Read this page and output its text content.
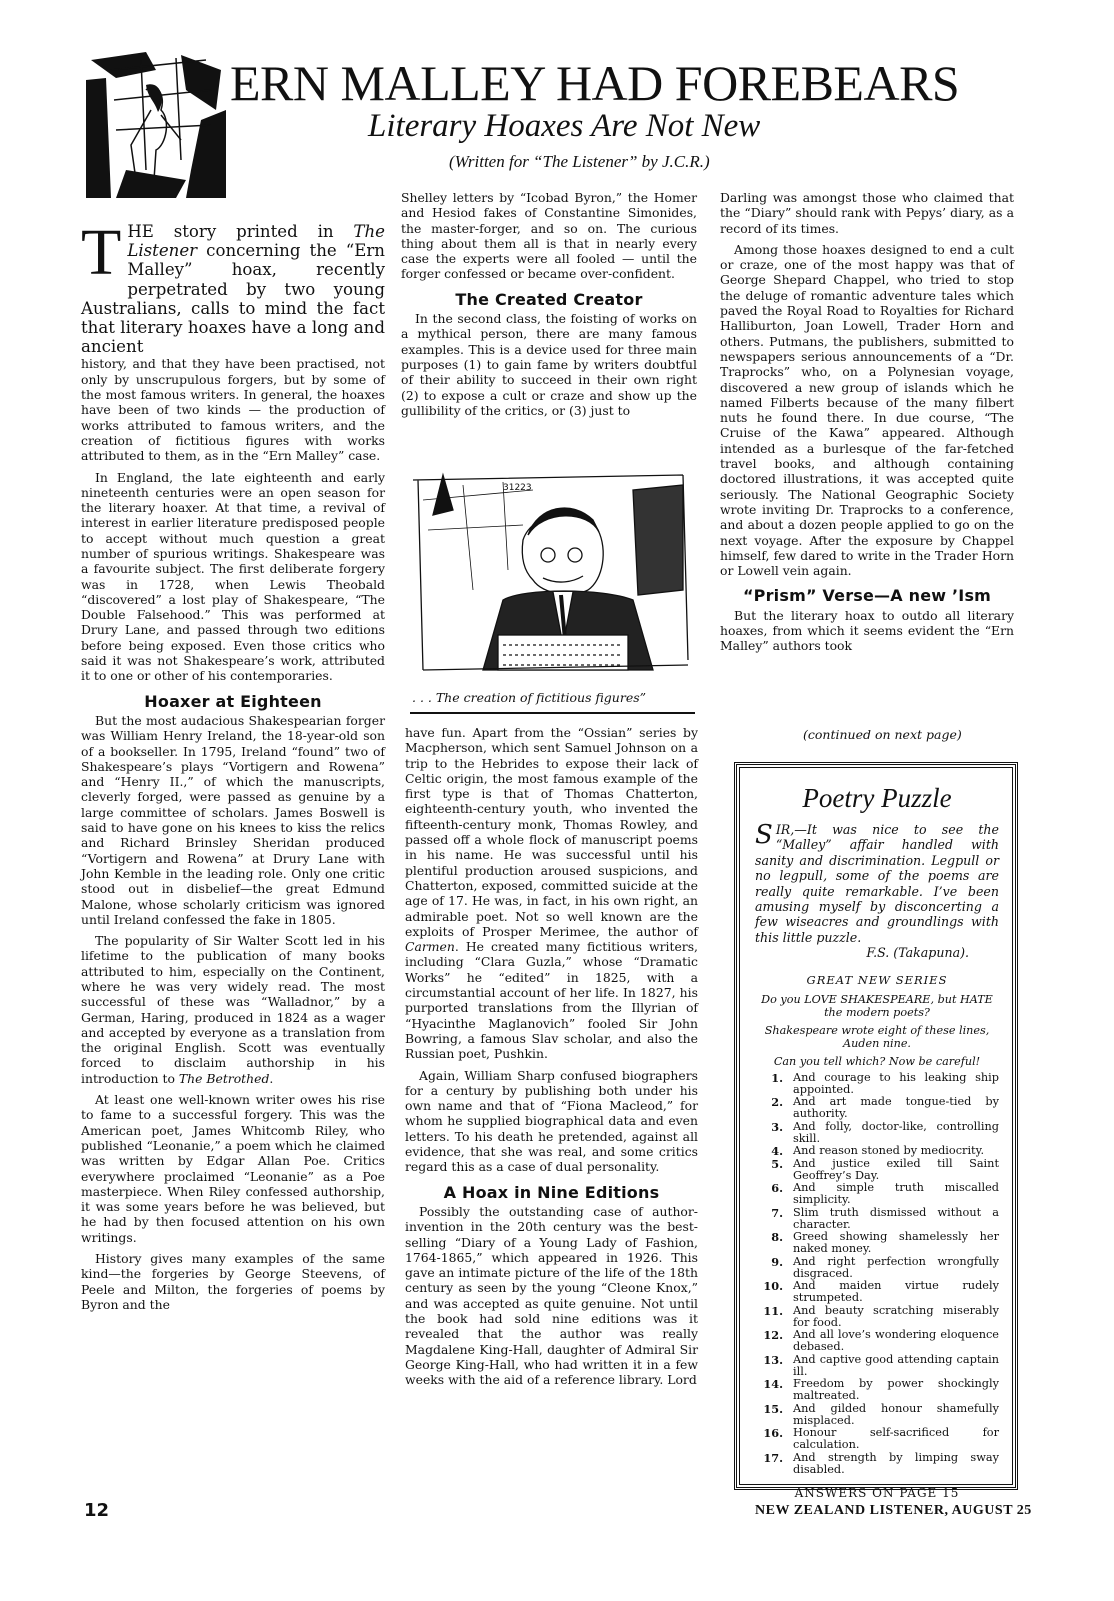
ERN MALLEY HAD FOREBEARS
Literary Hoaxes Are Not New
(Written for “The Listener” by J.C.R.)
THE story printed in The Listener concerning the “Ern Malley” hoax, recently perpetrated by two young Australians, calls to mind the fact that literary hoaxes have a long and ancient

history, and that they have been practised, not only by unscrupulous forgers, but by some of the most famous writers. In general, the hoaxes have been of two kinds — the production of works attributed to famous writers, and the creation of fictitious figures with works attributed to them, as in the “Ern Malley” case.

In England, the late eighteenth and early nineteenth centuries were an open season for the literary hoaxer. At that time, a revival of interest in earlier literature predisposed people to accept without much question a great number of spurious writings. Shakespeare was a favourite subject. The first deliberate forgery was in 1728, when Lewis Theobald “discovered” a lost play of Shakespeare, “The Double Falsehood.” This was performed at Drury Lane, and passed through two editions before being exposed. Even those critics who said it was not Shakespeare’s work, attributed it to one or other of his contemporaries.

Hoaxer at Eighteen

But the most audacious Shakespearian forger was William Henry Ireland, the 18-year-old son of a bookseller. In 1795, Ireland “found” two of Shakespeare’s plays “Vortigern and Rowena” and “Henry II.,” of which the manuscripts, cleverly forged, were passed as genuine by a large committee of scholars. James Boswell is said to have gone on his knees to kiss the relics and Richard Brinsley Sheridan produced “Vortigern and Rowena” at Drury Lane with John Kemble in the leading role. Only one critic stood out in disbelief—the great Edmund Malone, whose scholarly criticism was ignored until Ireland confessed the fake in 1805.

The popularity of Sir Walter Scott led in his lifetime to the publication of many books attributed to him, especially on the Continent, where he was very widely read. The most successful of these was “Walladnor,” by a German, Haring, produced in 1824 as a wager and accepted by everyone as a translation from the original English. Scott was eventually forced to disclaim authorship in his introduction to The Betrothed.

At least one well-known writer owes his rise to fame to a successful forgery. This was the American poet, James Whitcomb Riley, who published “Leonanie,” a poem which he claimed was written by Edgar Allan Poe. Critics everywhere proclaimed “Leonanie” as a Poe masterpiece. When Riley confessed authorship, it was some years before he was believed, but he had by then focused attention on his own writings.

History gives many examples of the same kind—the forgeries by George Steevens, of Peele and Milton, the forgeries of poems by Byron and the

12

Shelley letters by “Icobad Byron,” the Homer and Hesiod fakes of Constantine Simonides, the master-forger, and so on. The curious thing about them all is that in nearly every case the experts were all fooled — until the forger confessed or became over-confident.

The Created Creator

In the second class, the foisting of works on a mythical person, there are many famous examples. This is a device used for three main purposes (1) to gain fame by writers doubtful of their ability to succeed in their own right (2) to expose a cult or craze and show up the gullibility of the critics, or (3) just to

31223
. . . The creation of fictitious figures”

have fun. Apart from the “Ossian” series by Macpherson, which sent Samuel Johnson on a trip to the Hebrides to expose their lack of Celtic origin, the most famous example of the first type is that of Thomas Chatterton, eighteenth-century youth, who invented the fifteenth-century monk, Thomas Rowley, and passed off a whole flock of manuscript poems in his name. He was successful until his plentiful production aroused suspicions, and Chatterton, exposed, committed suicide at the age of 17. He was, in fact, in his own right, an admirable poet. Not so well known are the exploits of Prosper Merimee, the author of Carmen. He created many fictitious writers, including “Clara Guzla,” whose “Dramatic Works” he “edited” in 1825, with a circumstantial account of her life. In 1827, his purported translations from the Illyrian of “Hyacinthe Maglanovich” fooled Sir John Bowring, a famous Slav scholar, and also the Russian poet, Pushkin.

Again, William Sharp confused biographers for a century by publishing both under his own name and that of “Fiona Macleod,” for whom he supplied biographical data and even letters. To his death he pretended, against all evidence, that she was real, and some critics regard this as a case of dual personality.

A Hoax in Nine Editions

Possibly the outstanding case of author-invention in the 20th century was the best-selling “Diary of a Young Lady of Fashion, 1764-1865,” which appeared in 1926. This gave an intimate picture of the life of the 18th century as seen by the young “Cleone Knox,” and was accepted as quite genuine. Not until the book had sold nine editions was it revealed that the author was really Magdalene King-Hall, daughter of Admiral Sir George King-Hall, who had written it in a few weeks with the aid of a reference library. Lord

Darling was amongst those who claimed that the “Diary” should rank with Pepys’ diary, as a record of its times.

Among those hoaxes designed to end a cult or craze, one of the most happy was that of George Shepard Chappel, who tried to stop the deluge of romantic adventure tales which paved the Royal Road to Royalties for Richard Halliburton, Joan Lowell, Trader Horn and others. Putmans, the publishers, submitted to newspapers serious announcements of a “Dr. Traprocks” who, on a Polynesian voyage, discovered a new group of islands which he named Filberts because of the many filbert nuts he found there. In due course, “The Cruise of the Kawa” appeared. Although intended as a burlesque of the far-fetched travel books, and although containing doctored illustrations, it was accepted quite seriously. The National Geographic Society wrote inviting Dr. Traprocks to a conference, and about a dozen people applied to go on the next voyage. After the exposure by Chappel himself, few dared to write in the Trader Horn or Lowell vein again.

“Prism” Verse—A new ’Ism

But the literary hoax to outdo all literary hoaxes, from which it seems evident the “Ern Malley” authors took

(continued on next page)
Poetry Puzzle
SIR,—It was nice to see the “Malley” affair handled with sanity and discrimination. Legpull or no legpull, some of the poems are really quite remarkable. I’ve been amusing myself by disconcerting a few wiseacres and groundlings with this little puzzle.
F.S. (Takapuna).
GREAT NEW SERIES
Do you LOVE SHAKESPEARE, but HATE the modern poets?
Shakespeare wrote eight of these lines, Auden nine.
Can you tell which? Now be careful!
1. And courage to his leaking ship appointed.
2. And art made tongue-tied by authority.
3. And folly, doctor-like, controlling skill.
4. And reason stoned by mediocrity.
5. And justice exiled till Saint Geoffrey’s Day.
6. And simple truth miscalled simplicity.
7. Slim truth dismissed without a character.
8. Greed showing shamelessly her naked money.
9. And right perfection wrongfully disgraced.
10. And maiden virtue rudely strumpeted.
11. And beauty scratching miserably for food.
12. And all love’s wondering eloquence debased.
13. And captive good attending captain ill.
14. Freedom by power shockingly maltreated.
15. And gilded honour shamefully misplaced.
16. Honour self-sacrificed for calculation.
17. And strength by limping sway disabled.
ANSWERS ON PAGE 15
NEW ZEALAND LISTENER, AUGUST 25
